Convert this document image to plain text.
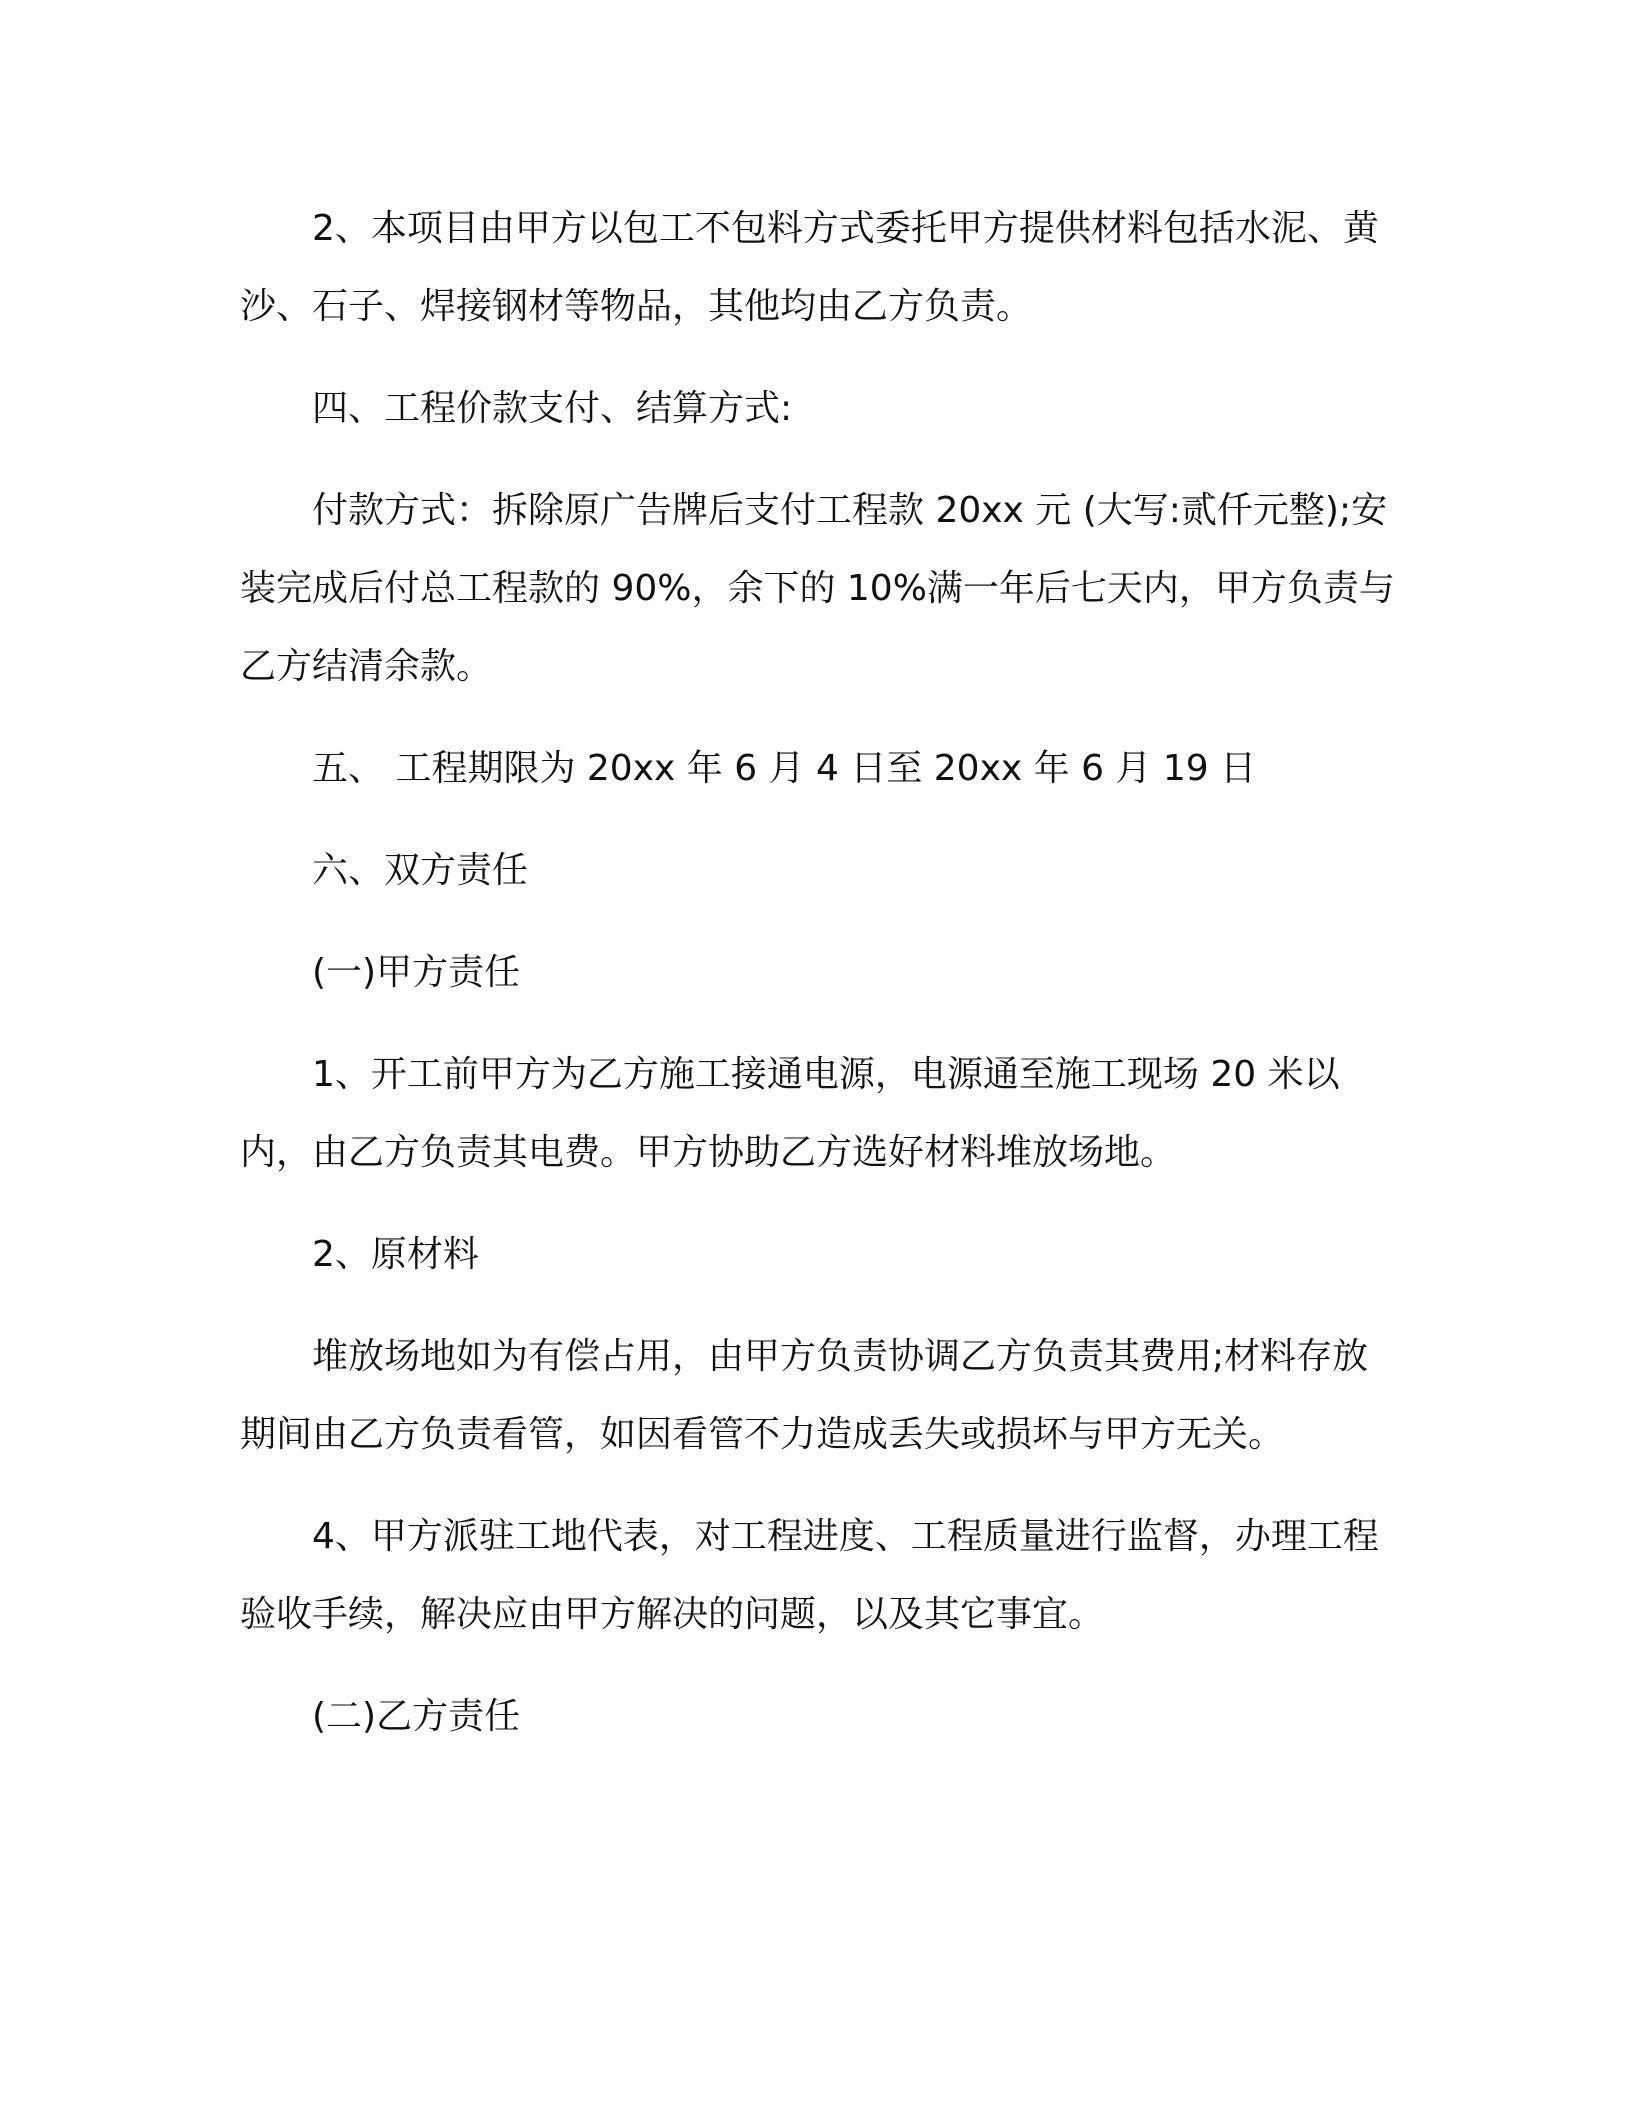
2、本项目由甲方以包工不包料方式委托甲方提供材料包括水泥、黄沙、石子、焊接钢材等物品，其他均由乙方负责。

四、工程价款支付、结算方式:

付款方式：拆除原广告牌后支付工程款 20xx 元 (大写:贰仟元整);安装完成后付总工程款的 90%，余下的 10%满一年后七天内，甲方负责与乙方结清余款。

五、 工程期限为 20xx 年 6 月 4 日至 20xx 年 6 月 19 日

六、双方责任

(一)甲方责任

1、开工前甲方为乙方施工接通电源，电源通至施工现场 20 米以内，由乙方负责其电费。甲方协助乙方选好材料堆放场地。

2、原材料

堆放场地如为有偿占用，由甲方负责协调乙方负责其费用;材料存放期间由乙方负责看管，如因看管不力造成丢失或损坏与甲方无关。

4、甲方派驻工地代表，对工程进度、工程质量进行监督，办理工程验收手续，解决应由甲方解决的问题，以及其它事宜。

(二)乙方责任
